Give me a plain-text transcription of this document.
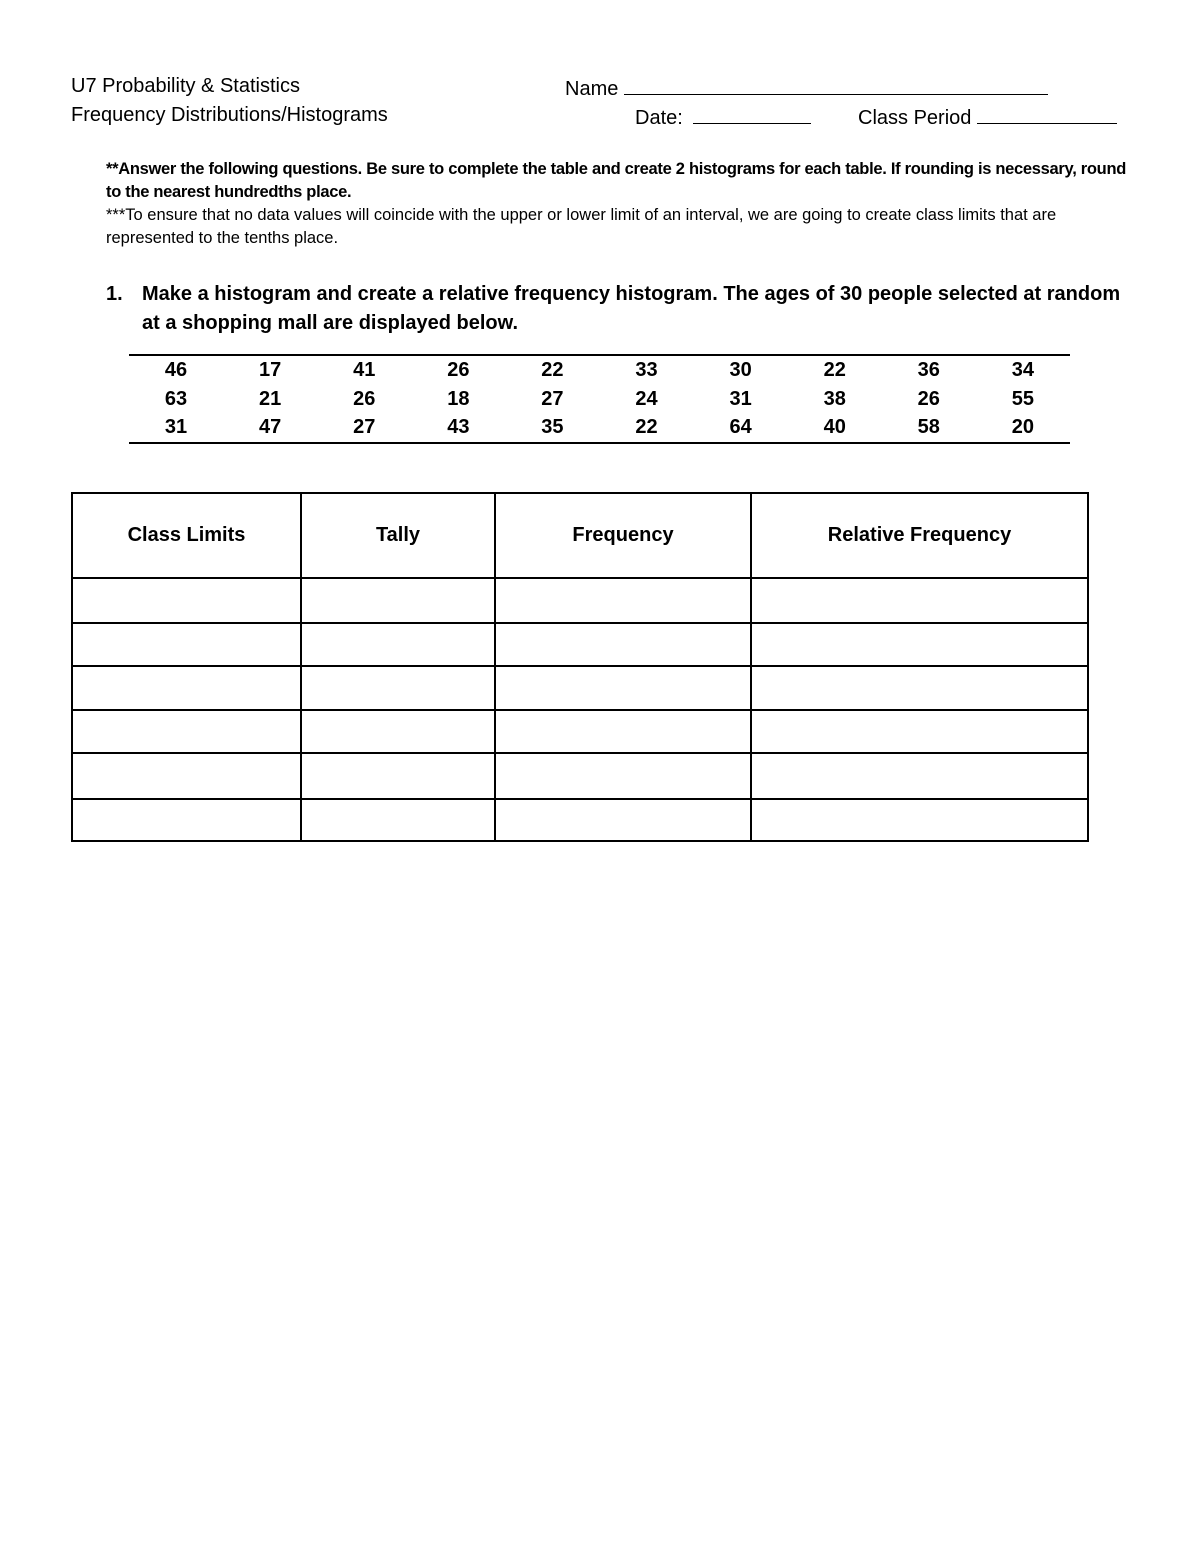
U7 Probability & Statistics
Frequency Distributions/Histograms
Name
Date:	Class Period
**Answer the following questions. Be sure to complete the table and create 2 histograms for each table. If rounding is necessary, round to the nearest hundredths place.
***To ensure that no data values will coincide with the upper or lower limit of an interval, we are going to create class limits that are represented to the tenths place.
1. Make a histogram and create a relative frequency histogram. The ages of 30 people selected at random at a shopping mall are displayed below.
46	17	41	26	22	33	30	22	36	34
63	21	26	18	27	24	31	38	26	55
31	47	27	43	35	22	64	40	58	20
Class Limits	Tally	Frequency	Relative Frequency
